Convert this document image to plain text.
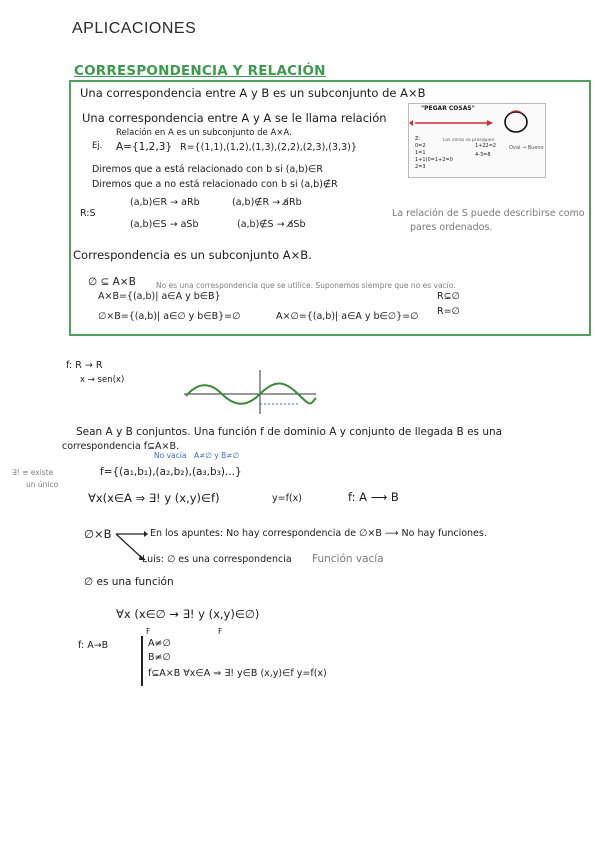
APLICACIONES
CORRESPONDENCIA Y RELACIÓN
Una correspondencia entre A y B es un subconjunto de A×B
Una correspondencia entre A y A se le llama relación
Relación en A es un subconjunto de A×A.
Ej. A={1,2,3} R={(1,1),(1,2),(1,3),(2,2),(2,3),(3,3)}
Diremos que a está relacionado con b si (a,b)∈R
Diremos que a no está relacionado con b si (a,b)∉R
R:S
(a,b)∈R → aRb	(a,b)∉R → a̸Rb
(a,b)∈S → aSb	(a,b)∉S → a̸Sb
La relación de S puede describirse como
pares ordenados.
Correspondencia es un subconjunto A×B.
∅ ⊆ A×B	No es una correspondencia que se utilice. Suponemos siempre que no es vacío.
A×B={(a,b)| a∈A y b∈B}
∅×B={(a,b)| a∈∅ y b∈B}=∅	A×∅={(a,b)| a∈A y b∈∅}=∅
R⊆∅
R=∅
"PEGAR COSAS"
Z:
0=2
1=1
1+1(0=1+2=0
2=3
Los ceros se prosiguen
1+22=2
4-3=8
Oval → Bueno
f: R → R
x → sen(x)
Sean A y B conjuntos. Una función f de dominio A y conjunto de llegada B es una
correspondencia f⊆A×B.
No vacía A≠∅ y B≠∅
∃! ≡ existe
un único
f={(a₁,b₁),(a₂,b₂),(a₃,b₃)...}
∀x(x∈A ⇒ ∃! y (x,y)∈f)	y=f(x)	f: A ⟶ B
∅×B	En los apuntes: No hay correspondencia de ∅×B ⟶ No hay funciones.
Luis: ∅ es una correspondencia Función vacía
∅ es una función
∀x (x∈∅ → ∃! y (x,y)∈∅)
F	F
f: A→B	A≠∅
B≠∅
f⊆A×B ∀x∈A ⇒ ∃! y∈B (x,y)∈f y=f(x)
